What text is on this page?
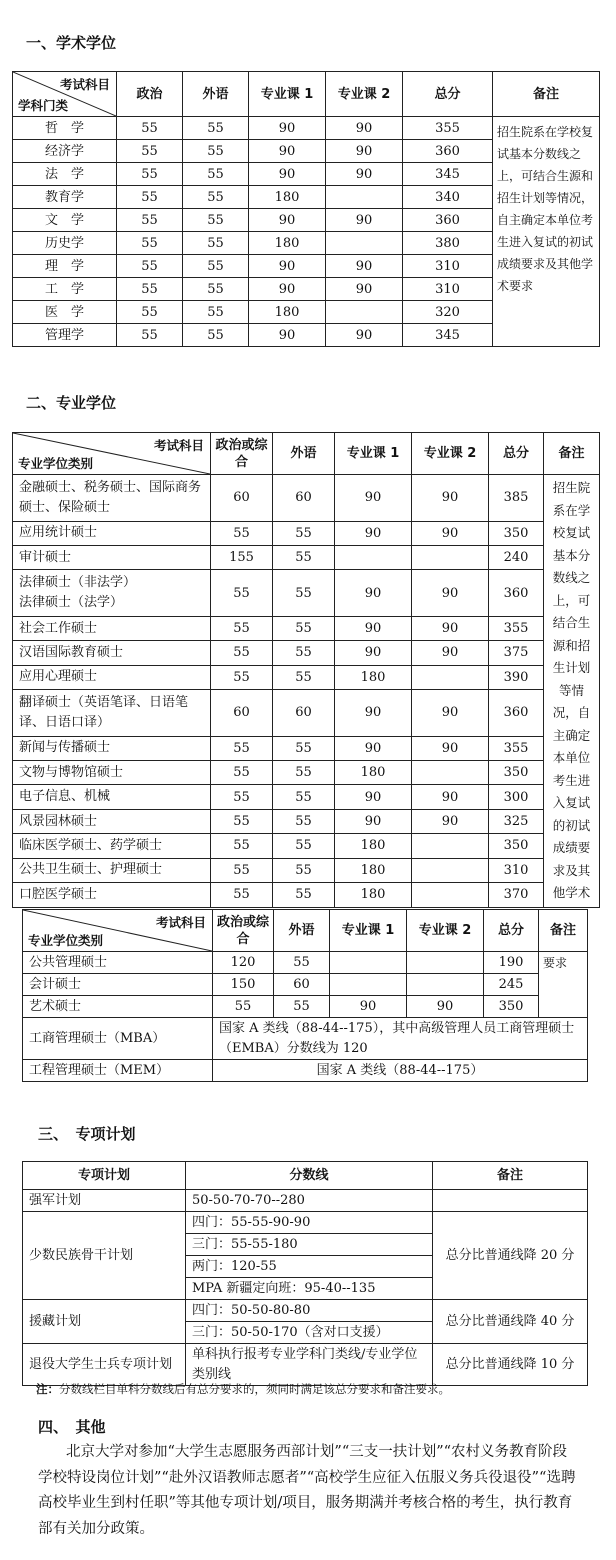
一、学术学位
考试科目
学科门类	政治	外语	专业课 1	专业课 2	总分	备注
哲　学	55	55	90	90	355	招生院系在学校复试基本分数线之上，可结合生源和招生计划等情况，自主确定本单位考生进入复试的初试成绩要求及其他学术要求
经济学	55	55	90	90	360	
法　学	55	55	90	90	345	
教育学	55	55	180		340	
文　学	55	55	90	90	360	
历史学	55	55	180		380	
理　学	55	55	90	90	310	
工　学	55	55	90	90	310	
医　学	55	55	180		320	
管理学	55	55	90	90	345	
二、专业学位
考试科目
专业学位类别	政治或综合	外语	专业课 1	专业课 2	总分	备注
金融硕士、税务硕士、国际商务硕士、保险硕士	60	60	90	90	385	招生院系在学校复试基本分数线之上，可结合生源和招生计划等情况，自主确定本单位考生进入复试的初试成绩要求及其他学术
应用统计硕士	55	55	90	90	350	
审计硕士	155	55			240	
法律硕士（非法学）
法律硕士（法学）	55	55	90	90	360	
社会工作硕士	55	55	90	90	355	
汉语国际教育硕士	55	55	90	90	375	
应用心理硕士	55	55	180		390	
翻译硕士（英语笔译、日语笔译、日语口译）	60	60	90	90	360	
新闻与传播硕士	55	55	90	90	355	
文物与博物馆硕士	55	55	180		350	
电子信息、机械	55	55	90	90	300	
风景园林硕士	55	55	90	90	325	
临床医学硕士、药学硕士	55	55	180		350	
公共卫生硕士、护理硕士	55	55	180		310	
口腔医学硕士	55	55	180		370	
考试科目
专业学位类别	政治或综合	外语	专业课 1	专业课 2	总分	备注
公共管理硕士	120	55			190	要求
会计硕士	150	60			245	
艺术硕士	55	55	90	90	350	
工商管理硕士（MBA）	国家 A 类线（88-44--175），其中高级管理人员工商管理硕士（EMBA）分数线为 120					
工程管理硕士（MEM）	国家 A 类线（88-44--175）					
三、　专项计划
专项计划	分数线	备注
强军计划	50-50-70-70--280	
少数民族骨干计划	四门：55-55-90-90	总分比普通线降 20 分
	三门：55-55-180	
	两门：120-55	
	MPA 新疆定向班：95-40--135	
援藏计划	四门：50-50-80-80	总分比普通线降 40 分
	三门：50-50-170（含对口支援）	
退役大学生士兵专项计划	单科执行报考专业学科门类线/专业学位类别线	总分比普通线降 10 分
注：分数线栏目单科分数线后有总分要求的，须同时满足该总分要求和备注要求。
四、　其他
北京大学对参加“大学生志愿服务西部计划”“三支一扶计划”“农村义务教育阶段学校特设岗位计划”“赴外汉语教师志愿者”“高校学生应征入伍服义务兵役退役”“选聘高校毕业生到村任职”等其他专项计划/项目，服务期满并考核合格的考生，执行教育部有关加分政策。
